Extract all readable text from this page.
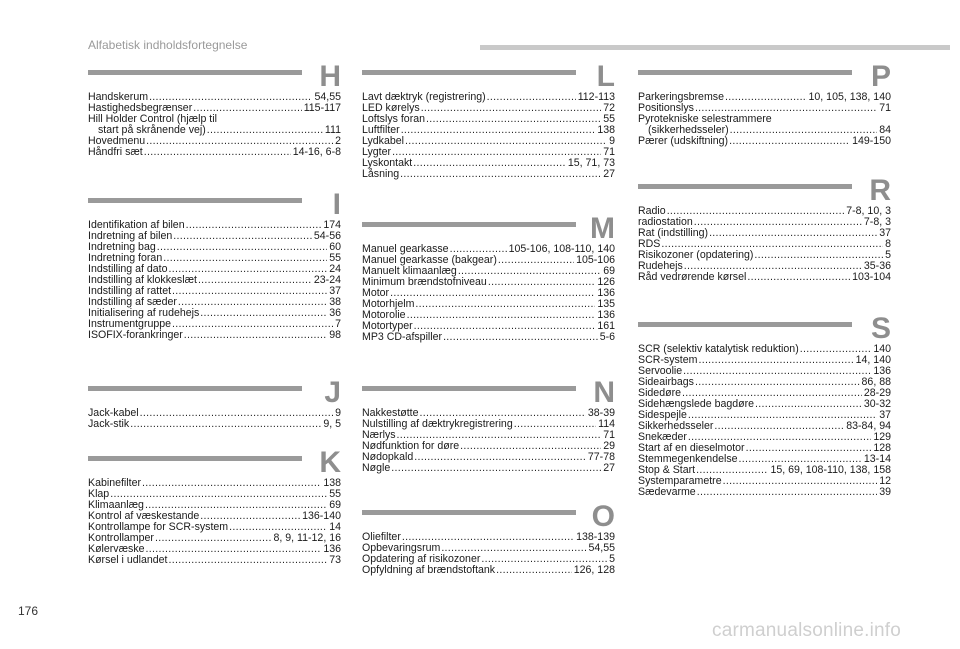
Alfabetisk indholdsfortegnelse
H
Handskerum .....	54,55
Hastighedsbegrænser .....	115-117
Hill Holder Control (hjælp til
start på skrånende vej) .....	111
Hovedmenu .....	2
Håndfri sæt .....	14-16, 6-8
I
Identifikation af bilen .....	174
Indretning af bilen .....	54-56
Indretning bag .....	60
Indretning foran .....	55
Indstilling af dato .....	24
Indstilling af klokkeslæt .....	23-24
Indstilling af rattet .....	37
Indstilling af sæder .....	38
Initialisering af rudehejs .....	36
Instrumentgruppe .....	7
ISOFIX-forankringer .....	98
J
Jack-kabel .....	9
Jack-stik .....	9, 5
K
Kabinefilter .....	138
Klap .....	55
Klimaanlæg .....	69
Kontrol af væskestande .....	136-140
Kontrollampe for SCR-system .....	14
Kontrollamper .....	8, 9, 11-12, 16
Kølervæske .....	136
Kørsel i udlandet .....	73
L
Lavt dæktryk (registrering) .....	112-113
LED kørelys .....	72
Loftslys foran .....	55
Luftfilter .....	138
Lydkabel .....	9
Lygter .....	71
Lyskontakt .....	15, 71, 73
Låsning .....	27
M
Manuel gearkasse .....	105-106, 108-110, 140
Manuel gearkasse (bakgear) .....	105-106
Manuelt klimaanlæg .....	69
Minimum brændstofniveau .....	126
Motor .....	136
Motorhjelm .....	135
Motorolie .....	136
Motortyper .....	161
MP3 CD-afspiller .....	5-6
N
Nakkestøtte .....	38-39
Nulstilling af dæktrykregistrering .....	114
Nærlys .....	71
Nødfunktion for døre .....	29
Nødopkald .....	77-78
Nøgle .....	27
O
Oliefilter .....	138-139
Opbevaringsrum .....	54,55
Opdatering af risikozoner .....	5
Opfyldning af brændstoftank .....	126, 128
P
Parkeringsbremse .....	10, 105, 138, 140
Positionslys .....	71
Pyrotekniske selestrammere
(sikkerhedsseler) .....	84
Pærer (udskiftning) .....	149-150
R
Radio .....	7-8, 10, 3
radiostation .....	7-8, 3
Rat (indstilling) .....	37
RDS .....	8
Risikozoner (opdatering) .....	5
Rudehejs .....	35-36
Råd vedrørende kørsel .....	103-104
S
SCR (selektiv katalytisk reduktion) .....	140
SCR-system .....	14, 140
Servoolie .....	136
Sideairbags .....	86, 88
Sidedøre .....	28-29
Sidehængslede bagdøre .....	30-32
Sidespejle .....	37
Sikkerhedsseler .....	83-84, 94
Snekæder .....	129
Start af en dieselmotor .....	128
Stemmegenkendelse .....	13-14
Stop & Start .....	15, 69, 108-110, 138, 158
Systemparametre .....	12
Sædevarme .....	39
176
carmanualsonline.info
